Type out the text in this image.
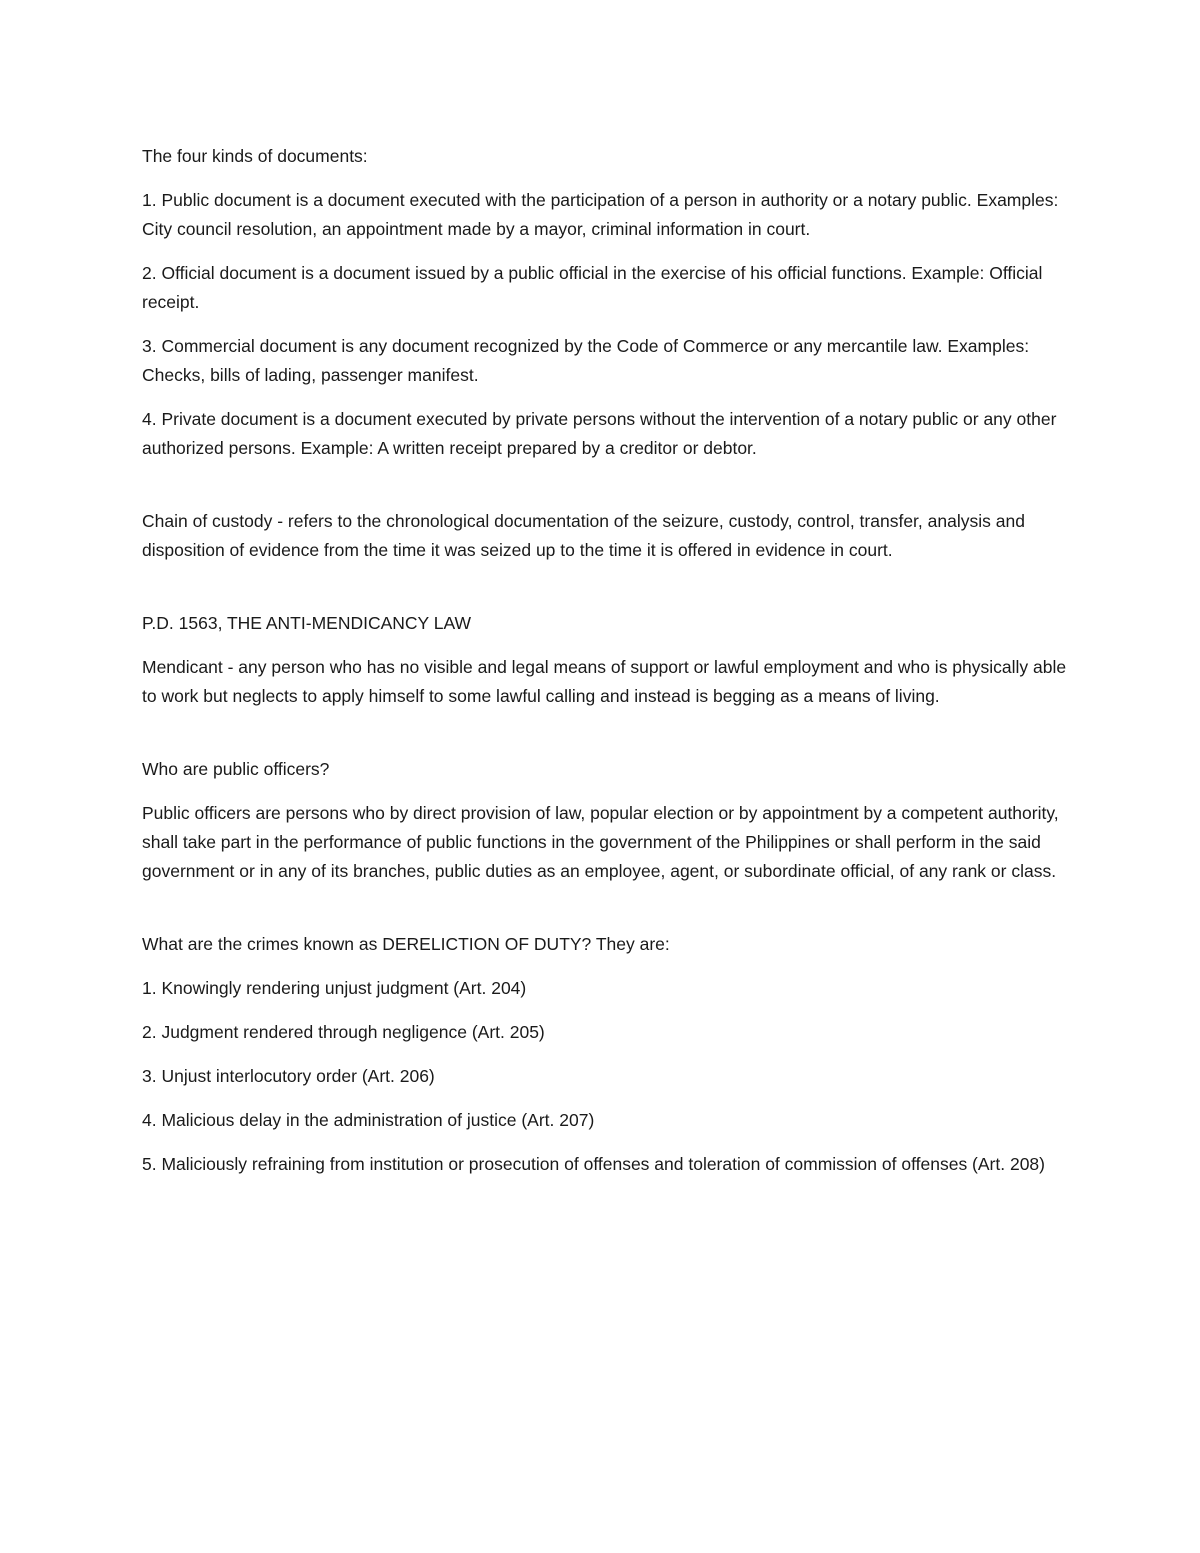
The four kinds of documents:

1. Public document is a document executed with the participation of a person in authority or a notary public. Examples: City council resolution, an appointment made by a mayor, criminal information in court.

2. Official document is a document issued by a public official in the exercise of his official functions. Example: Official receipt.

3. Commercial document is any document recognized by the Code of Commerce or any mercantile law. Examples: Checks, bills of lading, passenger manifest.

4. Private document is a document executed by private persons without the intervention of a notary public or any other authorized persons. Example: A written receipt prepared by a creditor or debtor.

Chain of custody - refers to the chronological documentation of the seizure, custody, control, transfer, analysis and disposition of evidence from the time it was seized up to the time it is offered in evidence in court.

P.D. 1563, THE ANTI-MENDICANCY LAW

Mendicant - any person who has no visible and legal means of support or lawful employment and who is physically able to work but neglects to apply himself to some lawful calling and instead is begging as a means of living.

Who are public officers?

Public officers are persons who by direct provision of law, popular election or by appointment by a competent authority, shall take part in the performance of public functions in the government of the Philippines or shall perform in the said government or in any of its branches, public duties as an employee, agent, or subordinate official, of any rank or class.

What are the crimes known as DERELICTION OF DUTY? They are:

1. Knowingly rendering unjust judgment (Art. 204)

2. Judgment rendered through negligence (Art. 205)

3. Unjust interlocutory order (Art. 206)

4. Malicious delay in the administration of justice (Art. 207)

5. Maliciously refraining from institution or prosecution of offenses and toleration of commission of offenses (Art. 208)
